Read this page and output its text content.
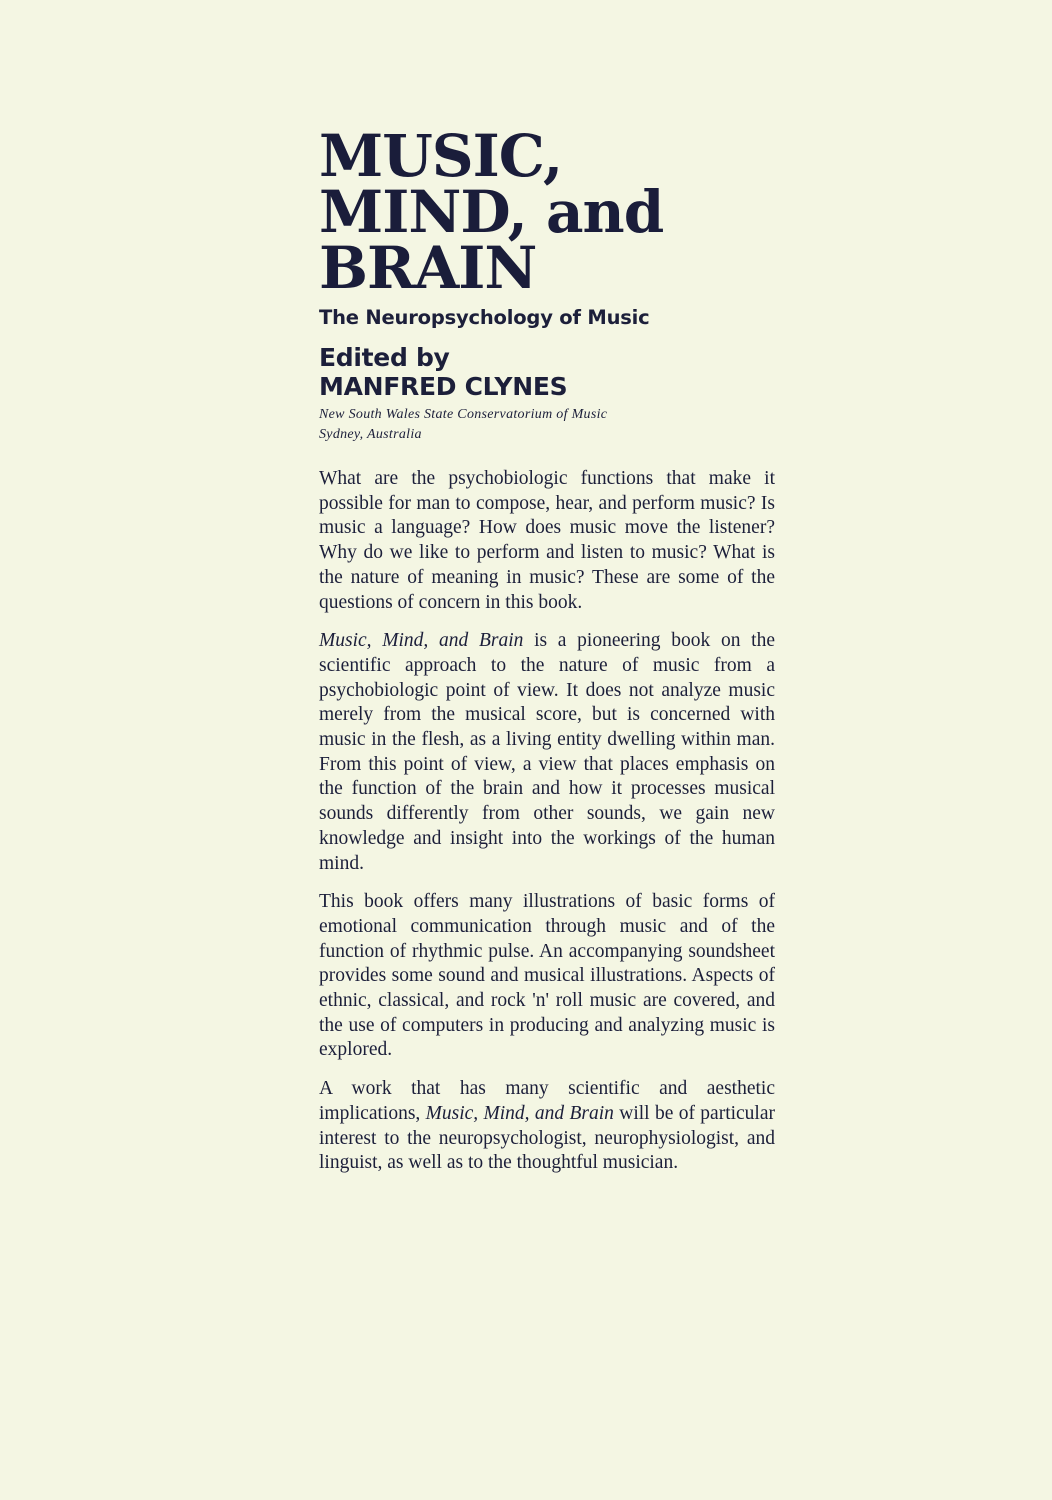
MUSIC,
MIND, and
BRAIN
The Neuropsychology of Music
Edited by
MANFRED CLYNES
New South Wales State Conservatorium of Music
Sydney, Australia

What are the psychobiologic functions that make it possible for man to compose, hear, and perform music? Is music a language? How does music move the listener? Why do we like to perform and listen to music? What is the nature of meaning in music? These are some of the questions of concern in this book.

Music, Mind, and Brain is a pioneering book on the scientific approach to the nature of music from a psychobiologic point of view. It does not analyze music merely from the musical score, but is concerned with music in the flesh, as a living entity dwelling within man. From this point of view, a view that places emphasis on the function of the brain and how it processes musical sounds differently from other sounds, we gain new knowledge and insight into the workings of the human mind.

This book offers many illustrations of basic forms of emotional communication through music and of the function of rhythmic pulse. An accompanying soundsheet provides some sound and musical illustrations. Aspects of ethnic, classical, and rock 'n' roll music are covered, and the use of computers in producing and analyzing music is explored.

A work that has many scientific and aesthetic implications, Music, Mind, and Brain will be of particular interest to the neuropsychologist, neurophysiologist, and linguist, as well as to the thoughtful musician.
